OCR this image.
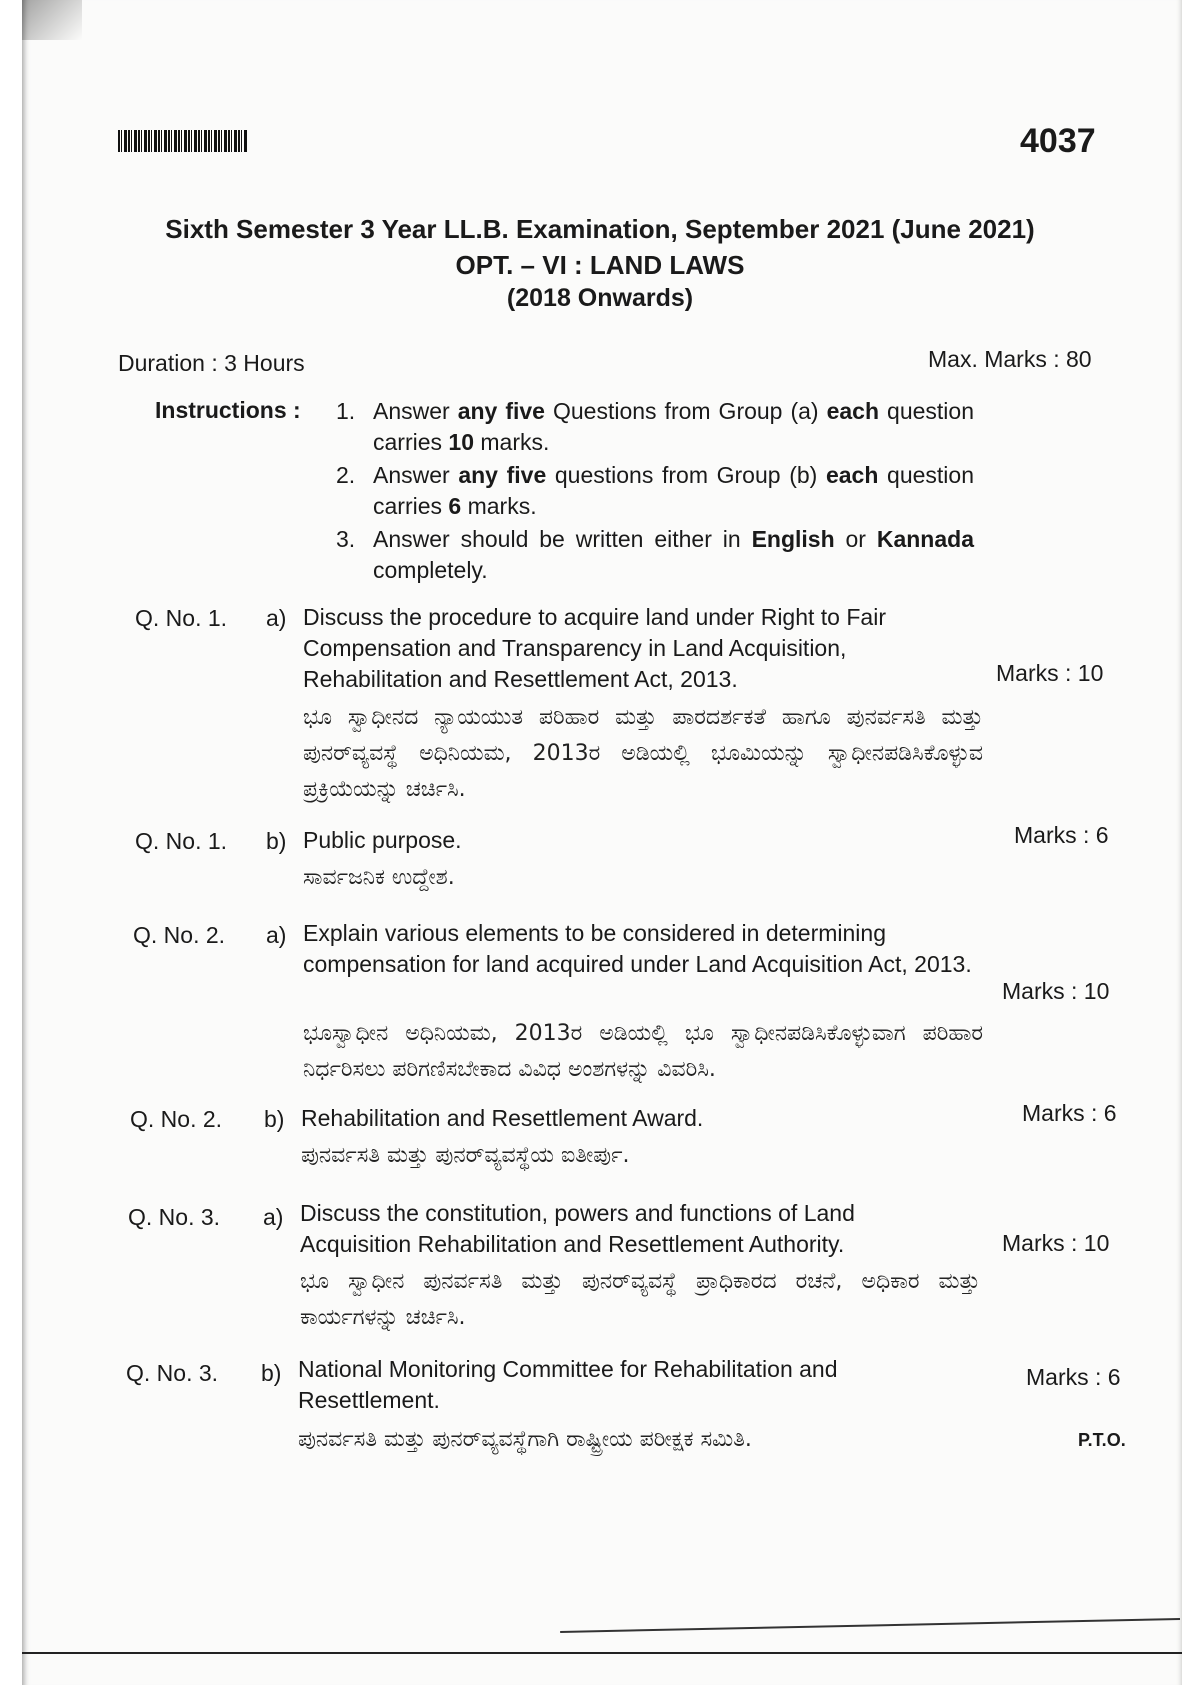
4037
Sixth Semester 3 Year LL.B. Examination, September 2021 (June 2021)
OPT. – VI : LAND LAWS
(2018 Onwards)
Duration : 3 Hours	Max. Marks : 80
Instructions : 1. Answer any five Questions from Group (a) each question carries 10 marks.
2. Answer any five questions from Group (b) each question carries 6 marks.
3. Answer should be written either in English or Kannada completely.
Q. No. 1. a) Discuss the procedure to acquire land under Right to Fair Compensation and Transparency in Land Acquisition, Rehabilitation and Resettlement Act, 2013.	Marks : 10
ಭೂ ಸ್ವಾಧೀನದ ನ್ಯಾಯಯುತ ಪರಿಹಾರ ಮತ್ತು ಪಾರದರ್ಶಕತೆ ಹಾಗೂ ಪುನರ್ವಸತಿ ಮತ್ತು ಪುನರ್‌ವ್ಯವಸ್ಥೆ ಅಧಿನಿಯಮ, 2013ರ ಅಡಿಯಲ್ಲಿ ಭೂಮಿಯನ್ನು ಸ್ವಾಧೀನಪಡಿಸಿಕೊಳ್ಳುವ ಪ್ರಕ್ರಿಯೆಯನ್ನು ಚರ್ಚಿಸಿ.
Q. No. 1. b) Public purpose.	Marks : 6
ಸಾರ್ವಜನಿಕ ಉದ್ದೇಶ.
Q. No. 2. a) Explain various elements to be considered in determining compensation for land acquired under Land Acquisition Act, 2013.
Marks : 10
ಭೂಸ್ವಾಧೀನ ಅಧಿನಿಯಮ, 2013ರ ಅಡಿಯಲ್ಲಿ ಭೂ ಸ್ವಾಧೀನಪಡಿಸಿಕೊಳ್ಳುವಾಗ ಪರಿಹಾರ ನಿರ್ಧರಿಸಲು ಪರಿಗಣಿಸಬೇಕಾದ ವಿವಿಧ ಅಂಶಗಳನ್ನು ವಿವರಿಸಿ.
Q. No. 2. b) Rehabilitation and Resettlement Award.	Marks : 6
ಪುನರ್ವಸತಿ ಮತ್ತು ಪುನರ್‌ವ್ಯವಸ್ಥೆಯ ಐತೀರ್ಪು.
Q. No. 3. a) Discuss the constitution, powers and functions of Land Acquisition Rehabilitation and Resettlement Authority.	Marks : 10
ಭೂ ಸ್ವಾಧೀನ ಪುನರ್ವಸತಿ ಮತ್ತು ಪುನರ್‌ವ್ಯವಸ್ಥೆ ಪ್ರಾಧಿಕಾರದ ರಚನೆ, ಅಧಿಕಾರ ಮತ್ತು ಕಾರ್ಯಗಳನ್ನು ಚರ್ಚಿಸಿ.
Q. No. 3. b) National Monitoring Committee for Rehabilitation and Resettlement.
Marks : 6
ಪುನರ್ವಸತಿ ಮತ್ತು ಪುನರ್‌ವ್ಯವಸ್ಥೆಗಾಗಿ ರಾಷ್ಟ್ರೀಯ ಪರೀಕ್ಷಕ ಸಮಿತಿ.	P.T.O.
